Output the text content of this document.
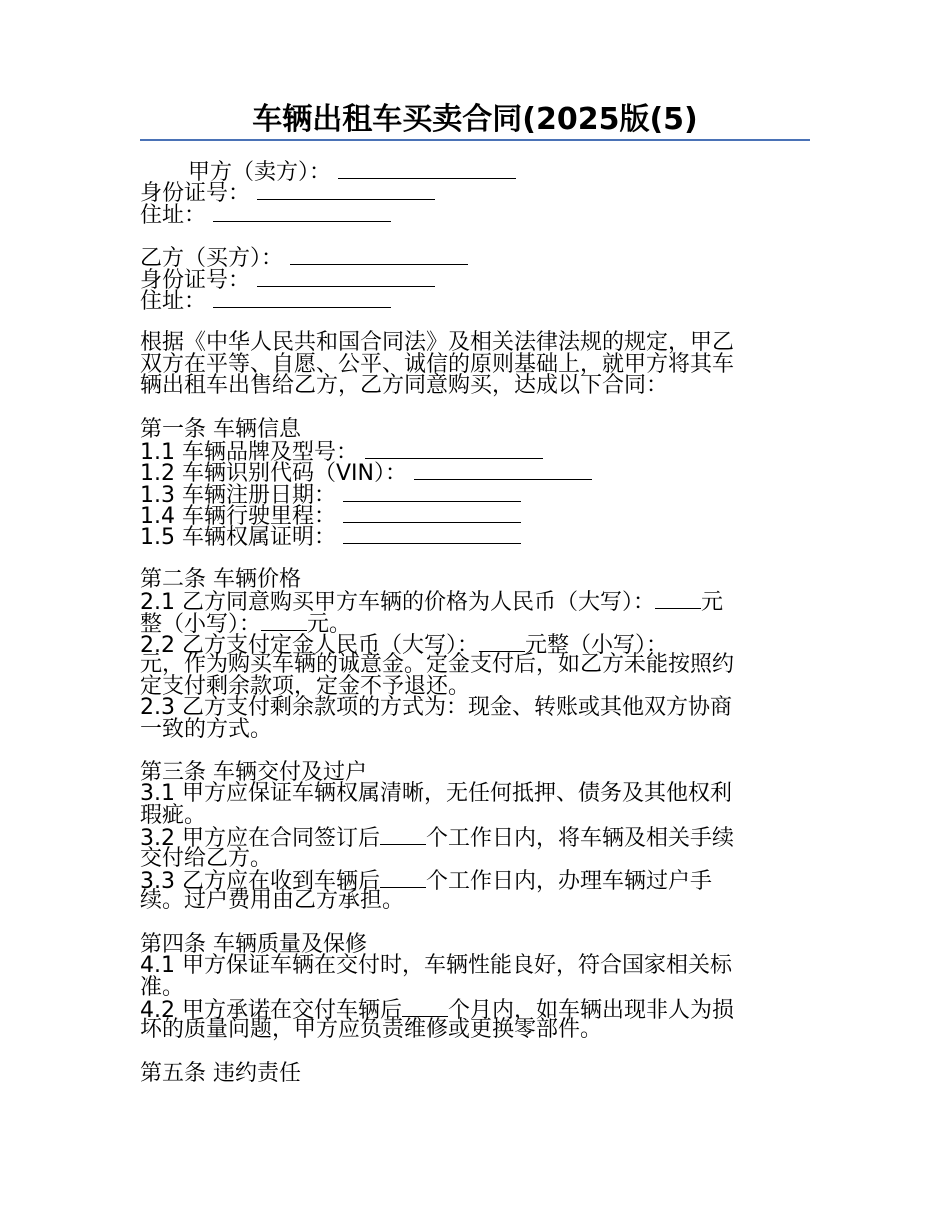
车辆出租车买卖合同(2025版(5)
甲方（卖方）：
身份证号：
住址：
乙方（买方）：
身份证号：
住址：
根据《中华人民共和国合同法》及相关法律法规的规定，甲乙
双方在平等、自愿、公平、诚信的原则基础上，就甲方将其车
辆出租车出售给乙方，乙方同意购买，达成以下合同：
第一条 车辆信息
1.1 车辆品牌及型号：
1.2 车辆识别代码（VIN）：
1.3 车辆注册日期：
1.4 车辆行驶里程：
1.5 车辆权属证明：
第二条 车辆价格
2.1 乙方同意购买甲方车辆的价格为人民币（大写）： 元
整（小写）： 元。
2.2 乙方支付定金人民币（大写）： 元整（小写）：
元，作为购买车辆的诚意金。定金支付后，如乙方未能按照约
定支付剩余款项，定金不予退还。
2.3 乙方支付剩余款项的方式为：现金、转账或其他双方协商
一致的方式。
第三条 车辆交付及过户
3.1 甲方应保证车辆权属清晰，无任何抵押、债务及其他权利
瑕疵。
3.2 甲方应在合同签订后 个工作日内，将车辆及相关手续
交付给乙方。
3.3 乙方应在收到车辆后 个工作日内，办理车辆过户手
续。过户费用由乙方承担。
第四条 车辆质量及保修
4.1 甲方保证车辆在交付时，车辆性能良好，符合国家相关标
准。
4.2 甲方承诺在交付车辆后 个月内，如车辆出现非人为损
坏的质量问题，甲方应负责维修或更换零部件。
第五条 违约责任
